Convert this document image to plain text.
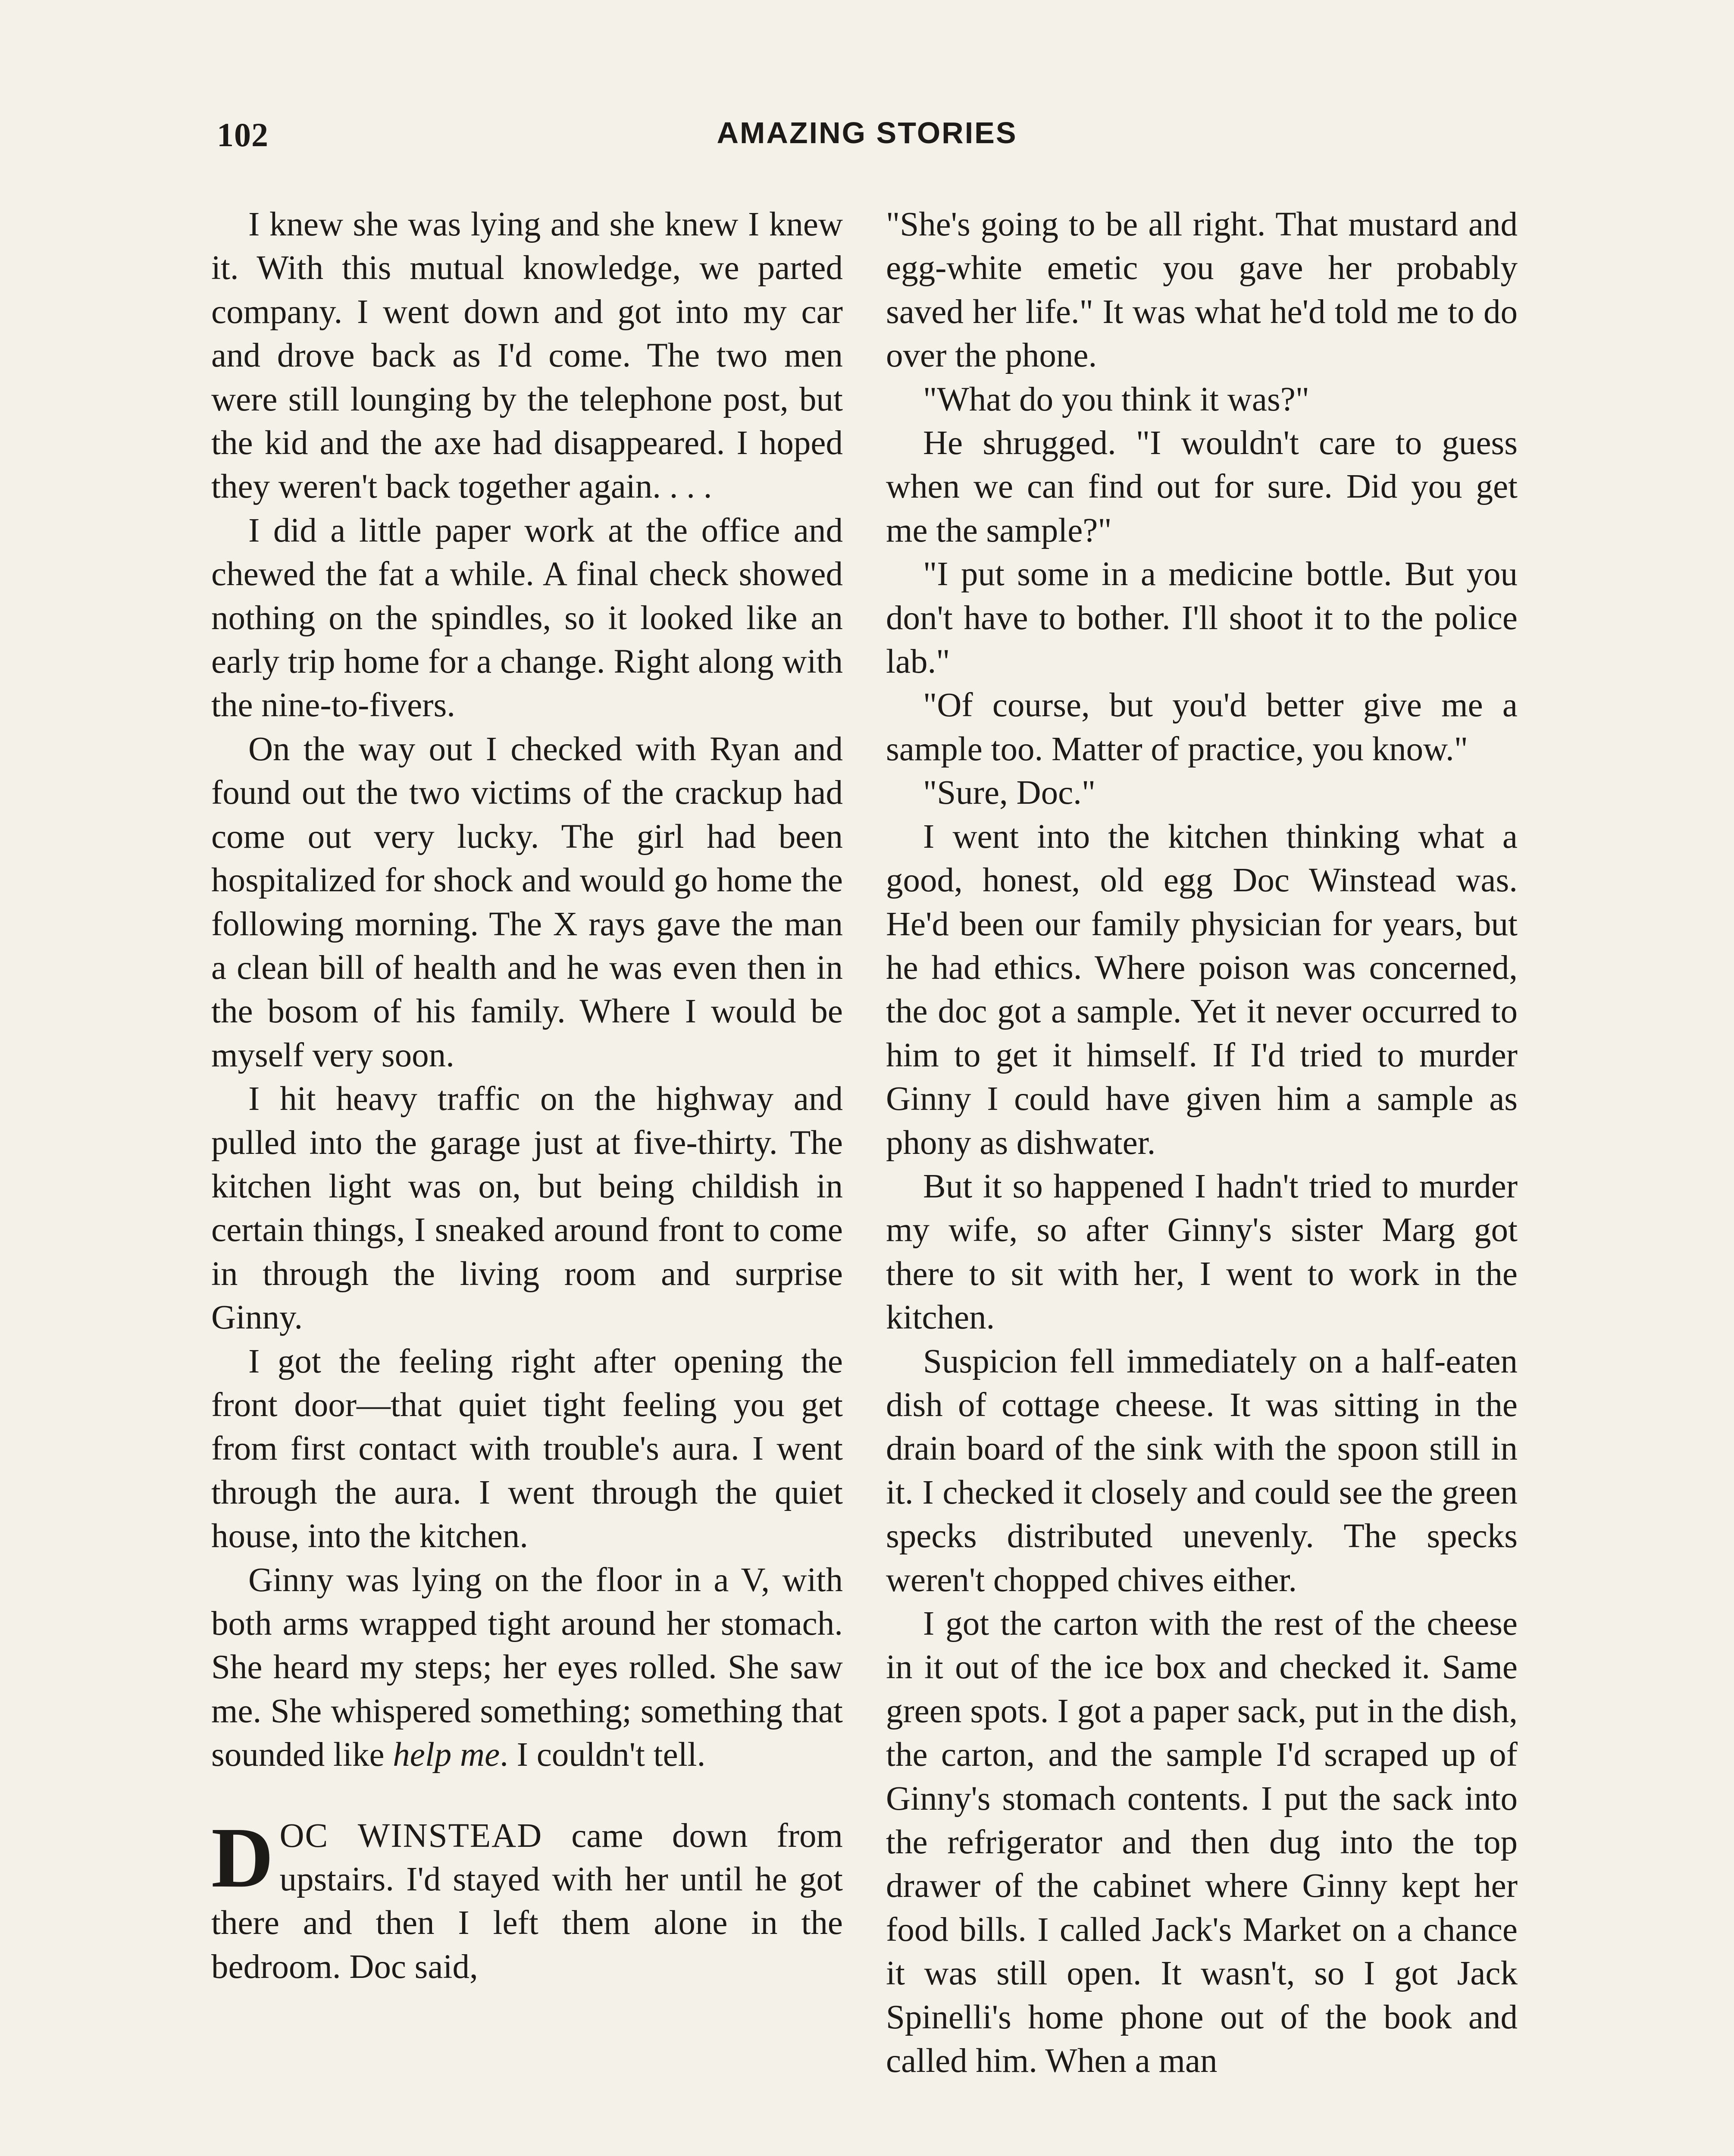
102	AMAZING STORIES

I knew she was lying and she knew I knew it. With this mutual knowledge, we parted company. I went down and got into my car and drove back as I'd come. The two men were still lounging by the telephone post, but the kid and the axe had disappeared. I hoped they weren't back together again. . . .

I did a little paper work at the office and chewed the fat a while. A final check showed nothing on the spindles, so it looked like an early trip home for a change. Right along with the nine-to-fivers.

On the way out I checked with Ryan and found out the two victims of the crackup had come out very lucky. The girl had been hospitalized for shock and would go home the following morning. The X rays gave the man a clean bill of health and he was even then in the bosom of his family. Where I would be myself very soon.

I hit heavy traffic on the highway and pulled into the garage just at five-thirty. The kitchen light was on, but being childish in certain things, I sneaked around front to come in through the living room and surprise Ginny.

I got the feeling right after opening the front door—that quiet tight feeling you get from first contact with trouble's aura. I went through the aura. I went through the quiet house, into the kitchen.

Ginny was lying on the floor in a V, with both arms wrapped tight around her stomach. She heard my steps; her eyes rolled. She saw me. She whispered something; something that sounded like help me. I couldn't tell.

DOC WINSTEAD came down from upstairs. I'd stayed with her until he got there and then I left them alone in the bedroom. Doc said,

"She's going to be all right. That mustard and egg-white emetic you gave her probably saved her life." It was what he'd told me to do over the phone.

"What do you think it was?"

He shrugged. "I wouldn't care to guess when we can find out for sure. Did you get me the sample?"

"I put some in a medicine bottle. But you don't have to bother. I'll shoot it to the police lab."

"Of course, but you'd better give me a sample too. Matter of practice, you know."

"Sure, Doc."

I went into the kitchen thinking what a good, honest, old egg Doc Winstead was. He'd been our family physician for years, but he had ethics. Where poison was concerned, the doc got a sample. Yet it never occurred to him to get it himself. If I'd tried to murder Ginny I could have given him a sample as phony as dishwater.

But it so happened I hadn't tried to murder my wife, so after Ginny's sister Marg got there to sit with her, I went to work in the kitchen.

Suspicion fell immediately on a half-eaten dish of cottage cheese. It was sitting in the drain board of the sink with the spoon still in it. I checked it closely and could see the green specks distributed unevenly. The specks weren't chopped chives either.

I got the carton with the rest of the cheese in it out of the ice box and checked it. Same green spots. I got a paper sack, put in the dish, the carton, and the sample I'd scraped up of Ginny's stomach contents. I put the sack into the refrigerator and then dug into the top drawer of the cabinet where Ginny kept her food bills. I called Jack's Market on a chance it was still open. It wasn't, so I got Jack Spinelli's home phone out of the book and called him. When a man
